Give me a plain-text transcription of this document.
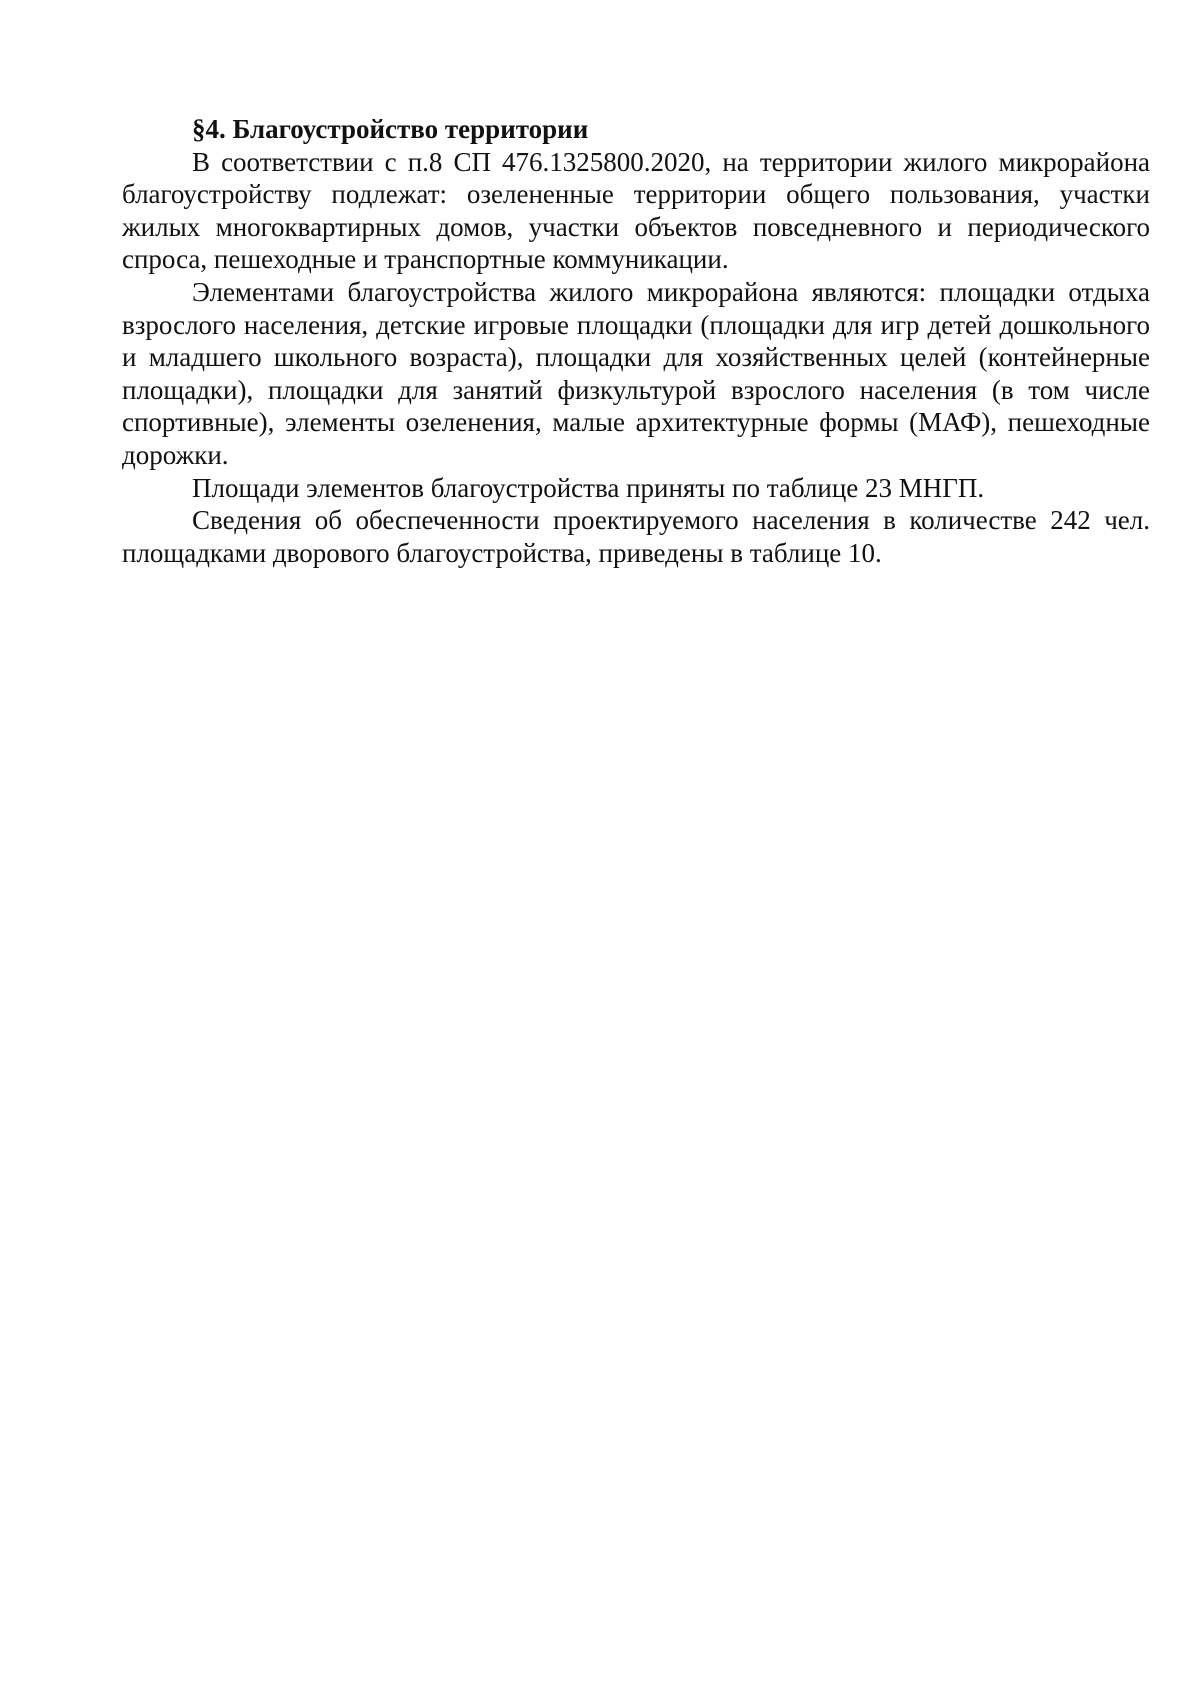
§4. Благоустройство территории

В соответствии с п.8 СП 476.1325800.2020, на территории жилого микрорайона благоустройству подлежат: озелененные территории общего пользования, участки жилых многоквартирных домов, участки объектов повседневного и периодического спроса, пешеходные и транспортные коммуникации.

Элементами благоустройства жилого микрорайона являются: площадки отдыха взрослого населения, детские игровые площадки (площадки для игр детей дошкольного и младшего школьного возраста), площадки для хозяйственных целей (контейнерные площадки), площадки для занятий физкультурой взрослого населения (в том числе спортивные), элементы озеленения, малые архитектурные формы (МАФ), пешеходные дорожки.

Площади элементов благоустройства приняты по таблице 23 МНГП.

Сведения об обеспеченности проектируемого населения в количестве 242 чел. площадками дворового благоустройства, приведены в таблице 10.
